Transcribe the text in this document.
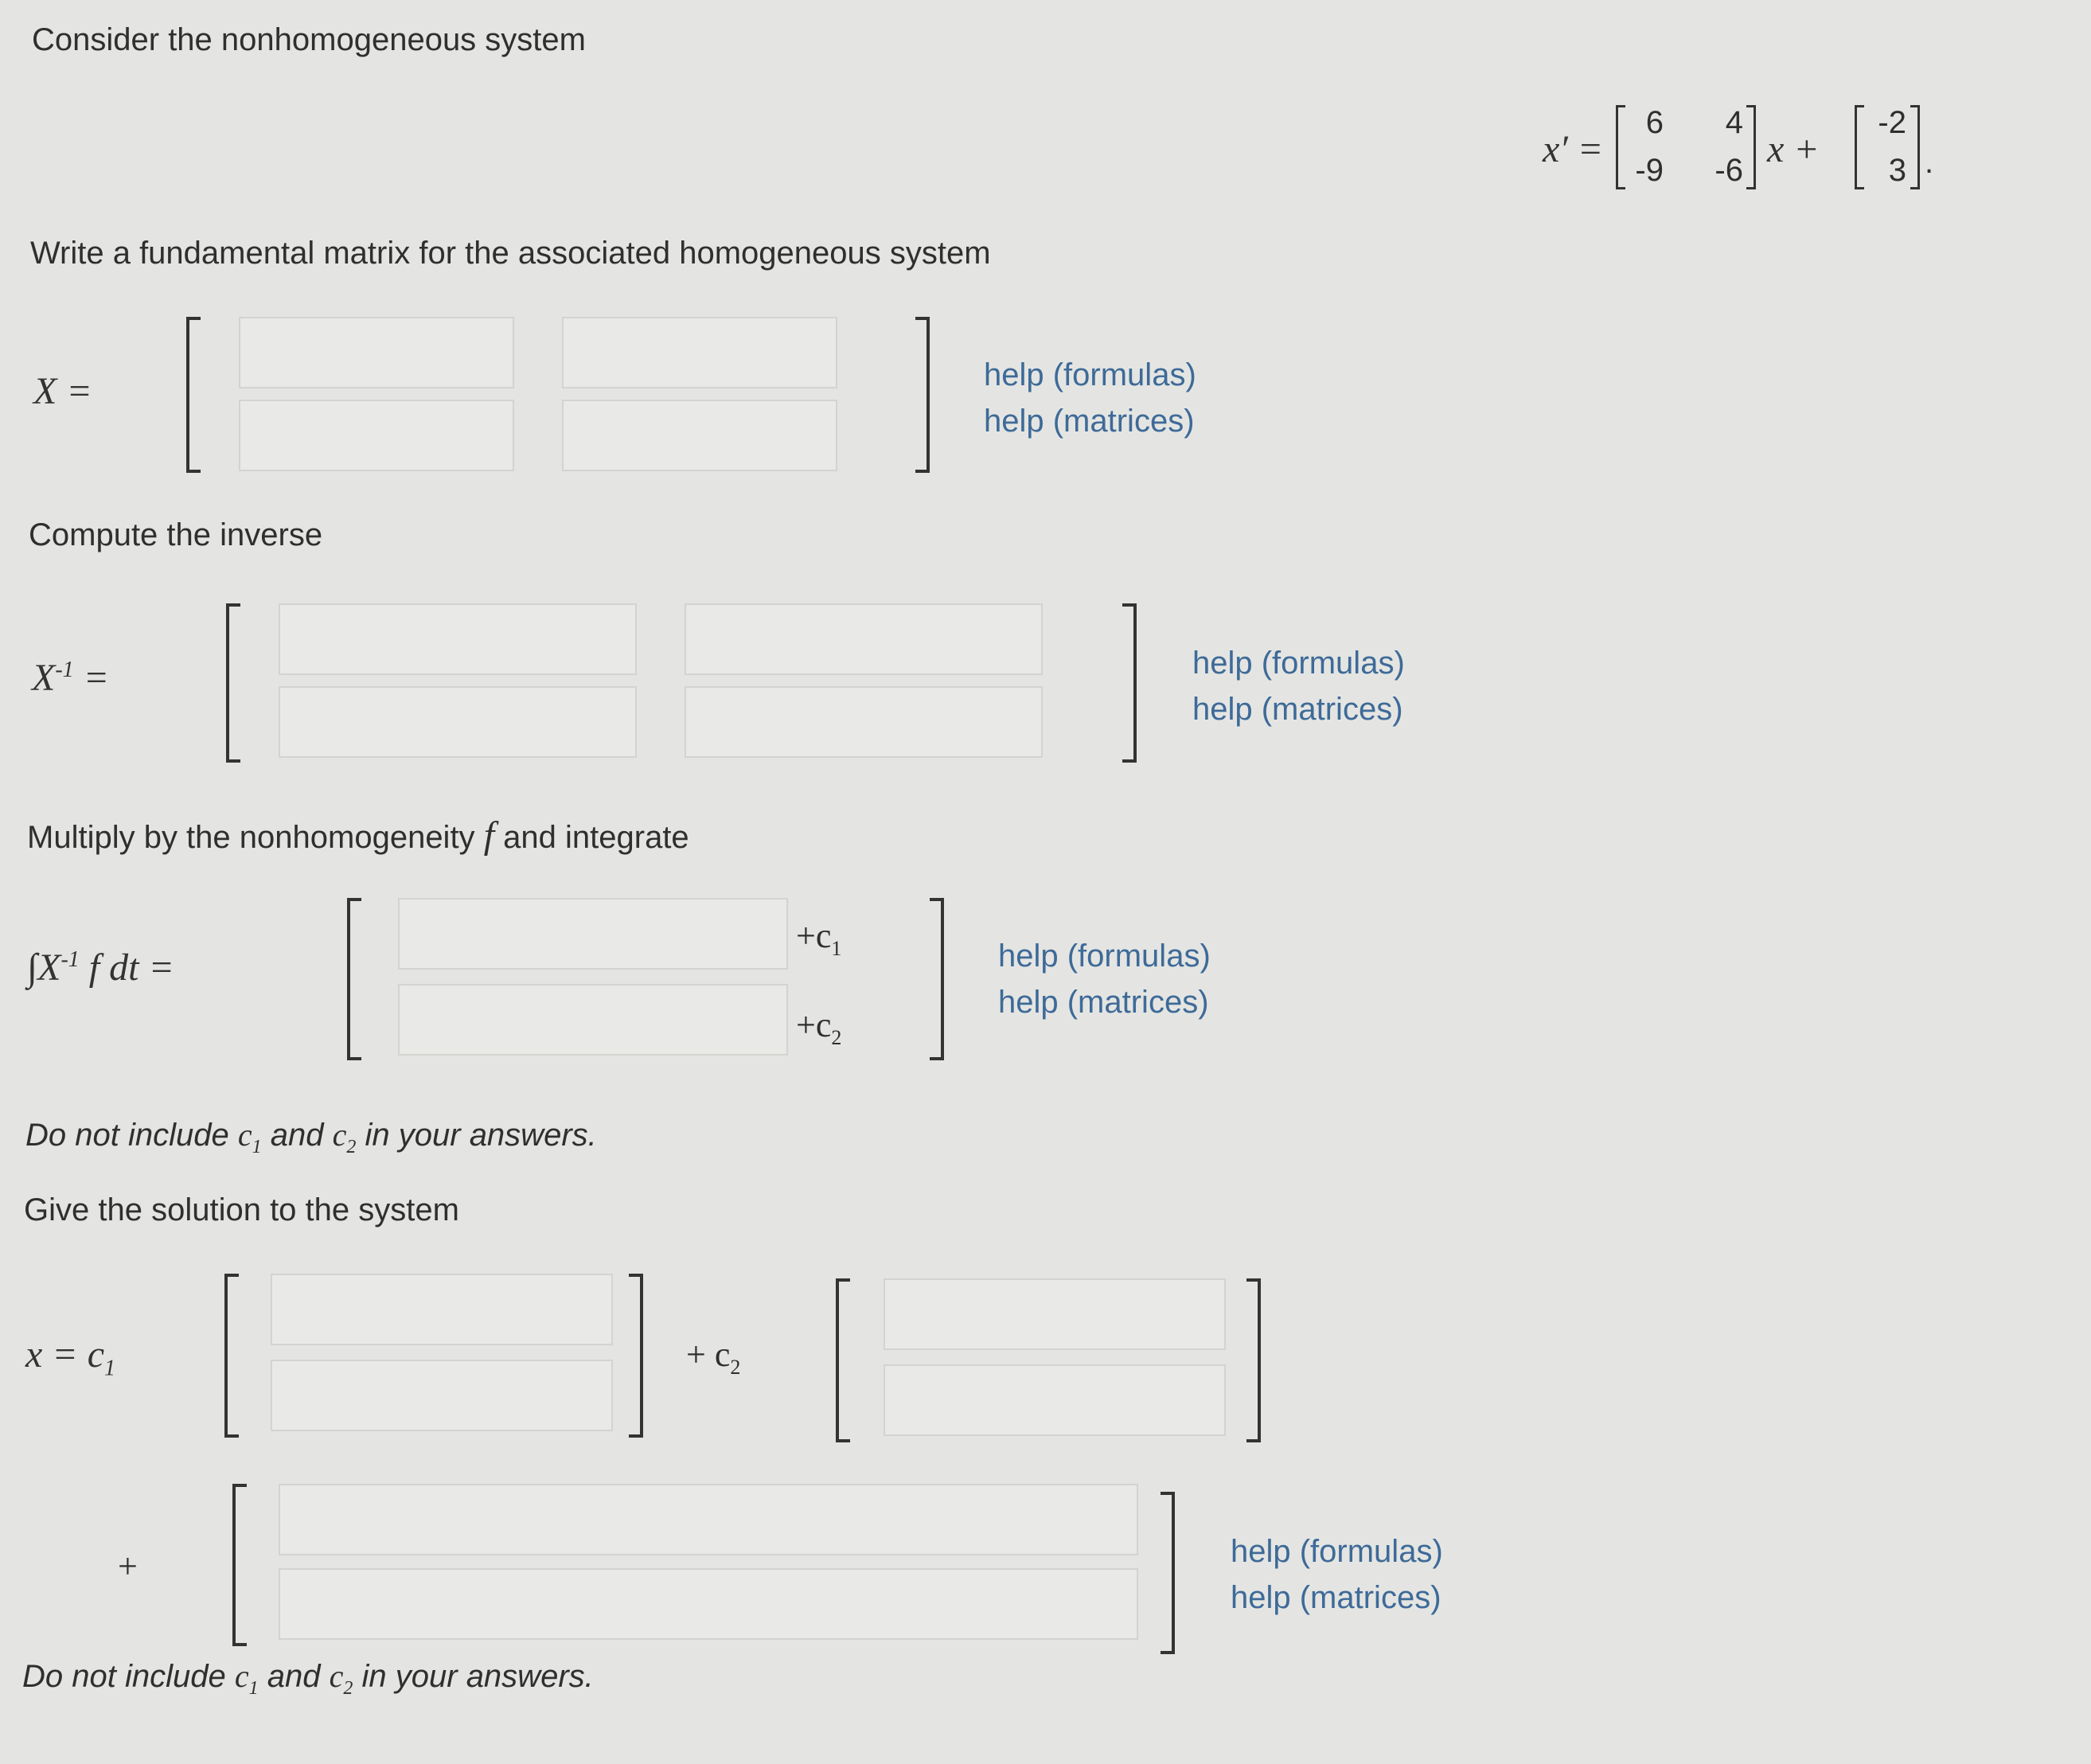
Consider the nonhomogeneous system
x′ =
6	4
-9	-6 x +
-2
3 .
Write a fundamental matrix for the associated homogeneous system
X =	help (formulas)
help (matrices)
Compute the inverse
$X^{-1}$ =	help (formulas)
help (matrices)
Multiply by the nonhomogeneity f and integrate
$\int X^{-1}$ f dt =
$+c_1$
$+c_2$
help (formulas)
help (matrices)
Do not include $c_1$ and $c_2$ in your answers.
Give the solution to the system
$x = c_1$	+ $c_2$
+	help (formulas)
help (matrices)
Do not include $c_1$ and $c_2$ in your answers.
